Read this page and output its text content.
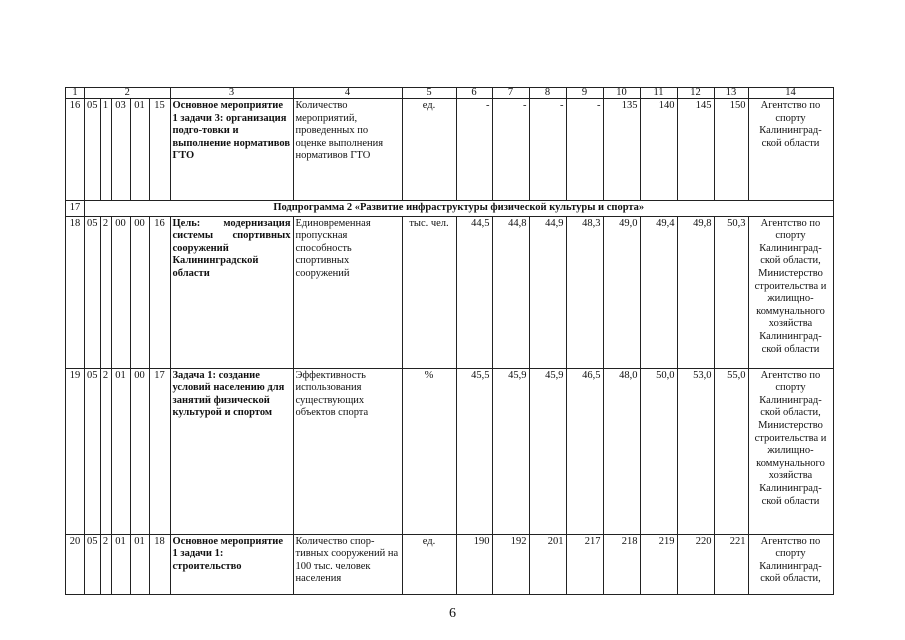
1	2					3	4	5	6	7	8	9	10	11	12	13	14
16	05	1	03	01	15	Основное мероприятие 1 задачи 3: организация подго-товки и выполнение нормативов ГТО	Количество мероприятий, проведенных по оценке выполнения нормативов ГТО	ед.	-	-	-	-	135	140	145	150	Агентство по спорту Калининград-ской области
17	Подпрограмма 2 «Развитие инфраструктуры физической культуры и спорта»																
18	05	2	00	00	16	Цель: модернизация системы спортивных сооружений Калининградской области	Единовременная пропускная способность спортивных сооружений	тыс. чел.	44,5	44,8	44,9	48,3	49,0	49,4	49,8	50,3	Агентство по спорту Калининград-ской области, Министерство строительства и жилищно-коммунального хозяйства Калининград-ской области
19	05	2	01	00	17	Задача 1: создание условий населению для занятий физической культурой и спортом	Эффективность использования существующих объектов спорта	%	45,5	45,9	45,9	46,5	48,0	50,0	53,0	55,0	Агентство по спорту Калининград-ской области, Министерство строительства и жилищно-коммунального хозяйства Калининград-ской области
20	05	2	01	01	18	Основное мероприятие 1 задачи 1: строительство	Количество спор-тивных сооружений на 100 тыс. человек населения	ед.	190	192	201	217	218	219	220	221	Агентство по спорту Калининград-ской области,
6
